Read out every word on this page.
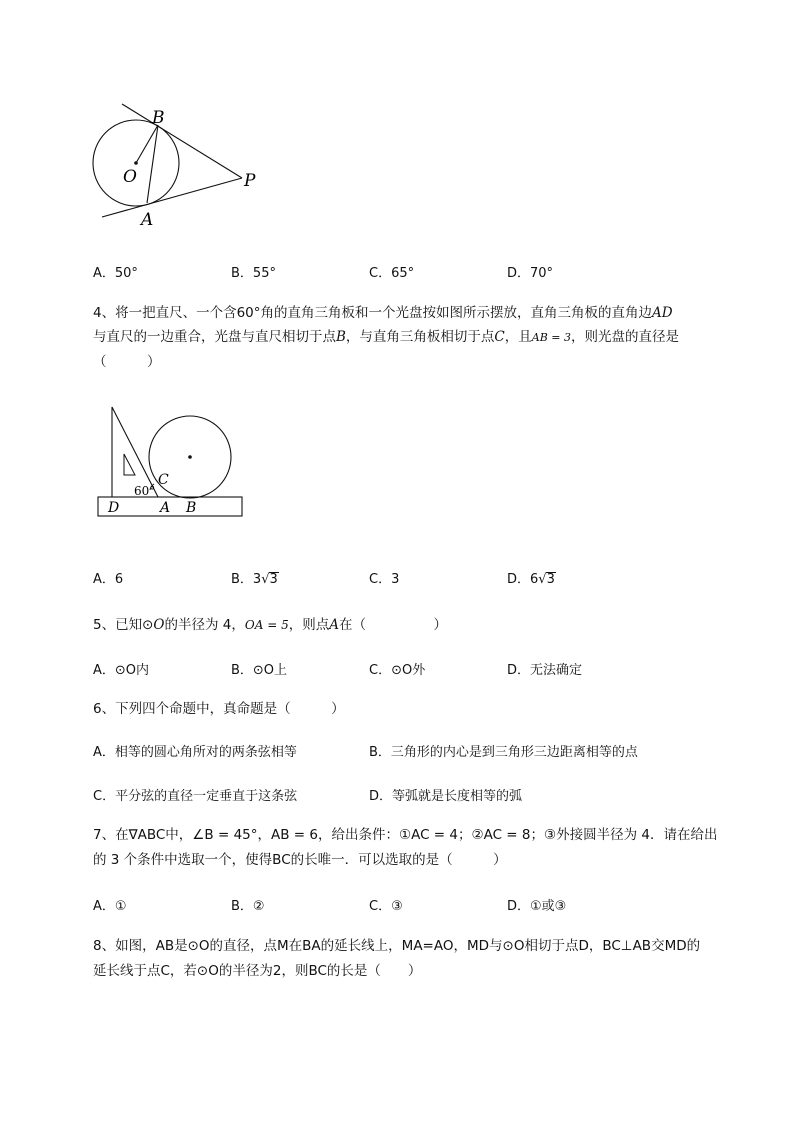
B
O	P
A
A．50°	B．55°	C．65°	D．70°
4、将一把直尺、一个含60°角的直角三角板和一个光盘按如图所示摆放，直角三角板的直角边AD
与直尺的一边重合，光盘与直尺相切于点B，与直角三角板相切于点C，且AB = 3，则光盘的直径是
（　　　）
60°
C
D	A B
A．6	B．3√3	C．3	D．6√3
5、已知⊙O的半径为 4，OA = 5，则点A在（　　　　　）
A．⊙O内	B．⊙O上	C．⊙O外	D．无法确定
6、下列四个命题中，真命题是（　　　）
A．相等的圆心角所对的两条弦相等	B．三角形的内心是到三角形三边距离相等的点
C．平分弦的直径一定垂直于这条弦	D．等弧就是长度相等的弧
7、在∇ABC中，∠B = 45°，AB = 6，给出条件：①AC = 4；②AC = 8；③外接圆半径为 4．请在给出
的 3 个条件中选取一个，使得BC的长唯一．可以选取的是（　　　）
A．①	B．②	C．③	D．①或③
8、如图，AB是⊙O的直径，点M在BA的延长线上，MA=AO，MD与⊙O相切于点D，BC⊥AB交MD的
延长线于点C，若⊙O的半径为2，则BC的长是（　　）
